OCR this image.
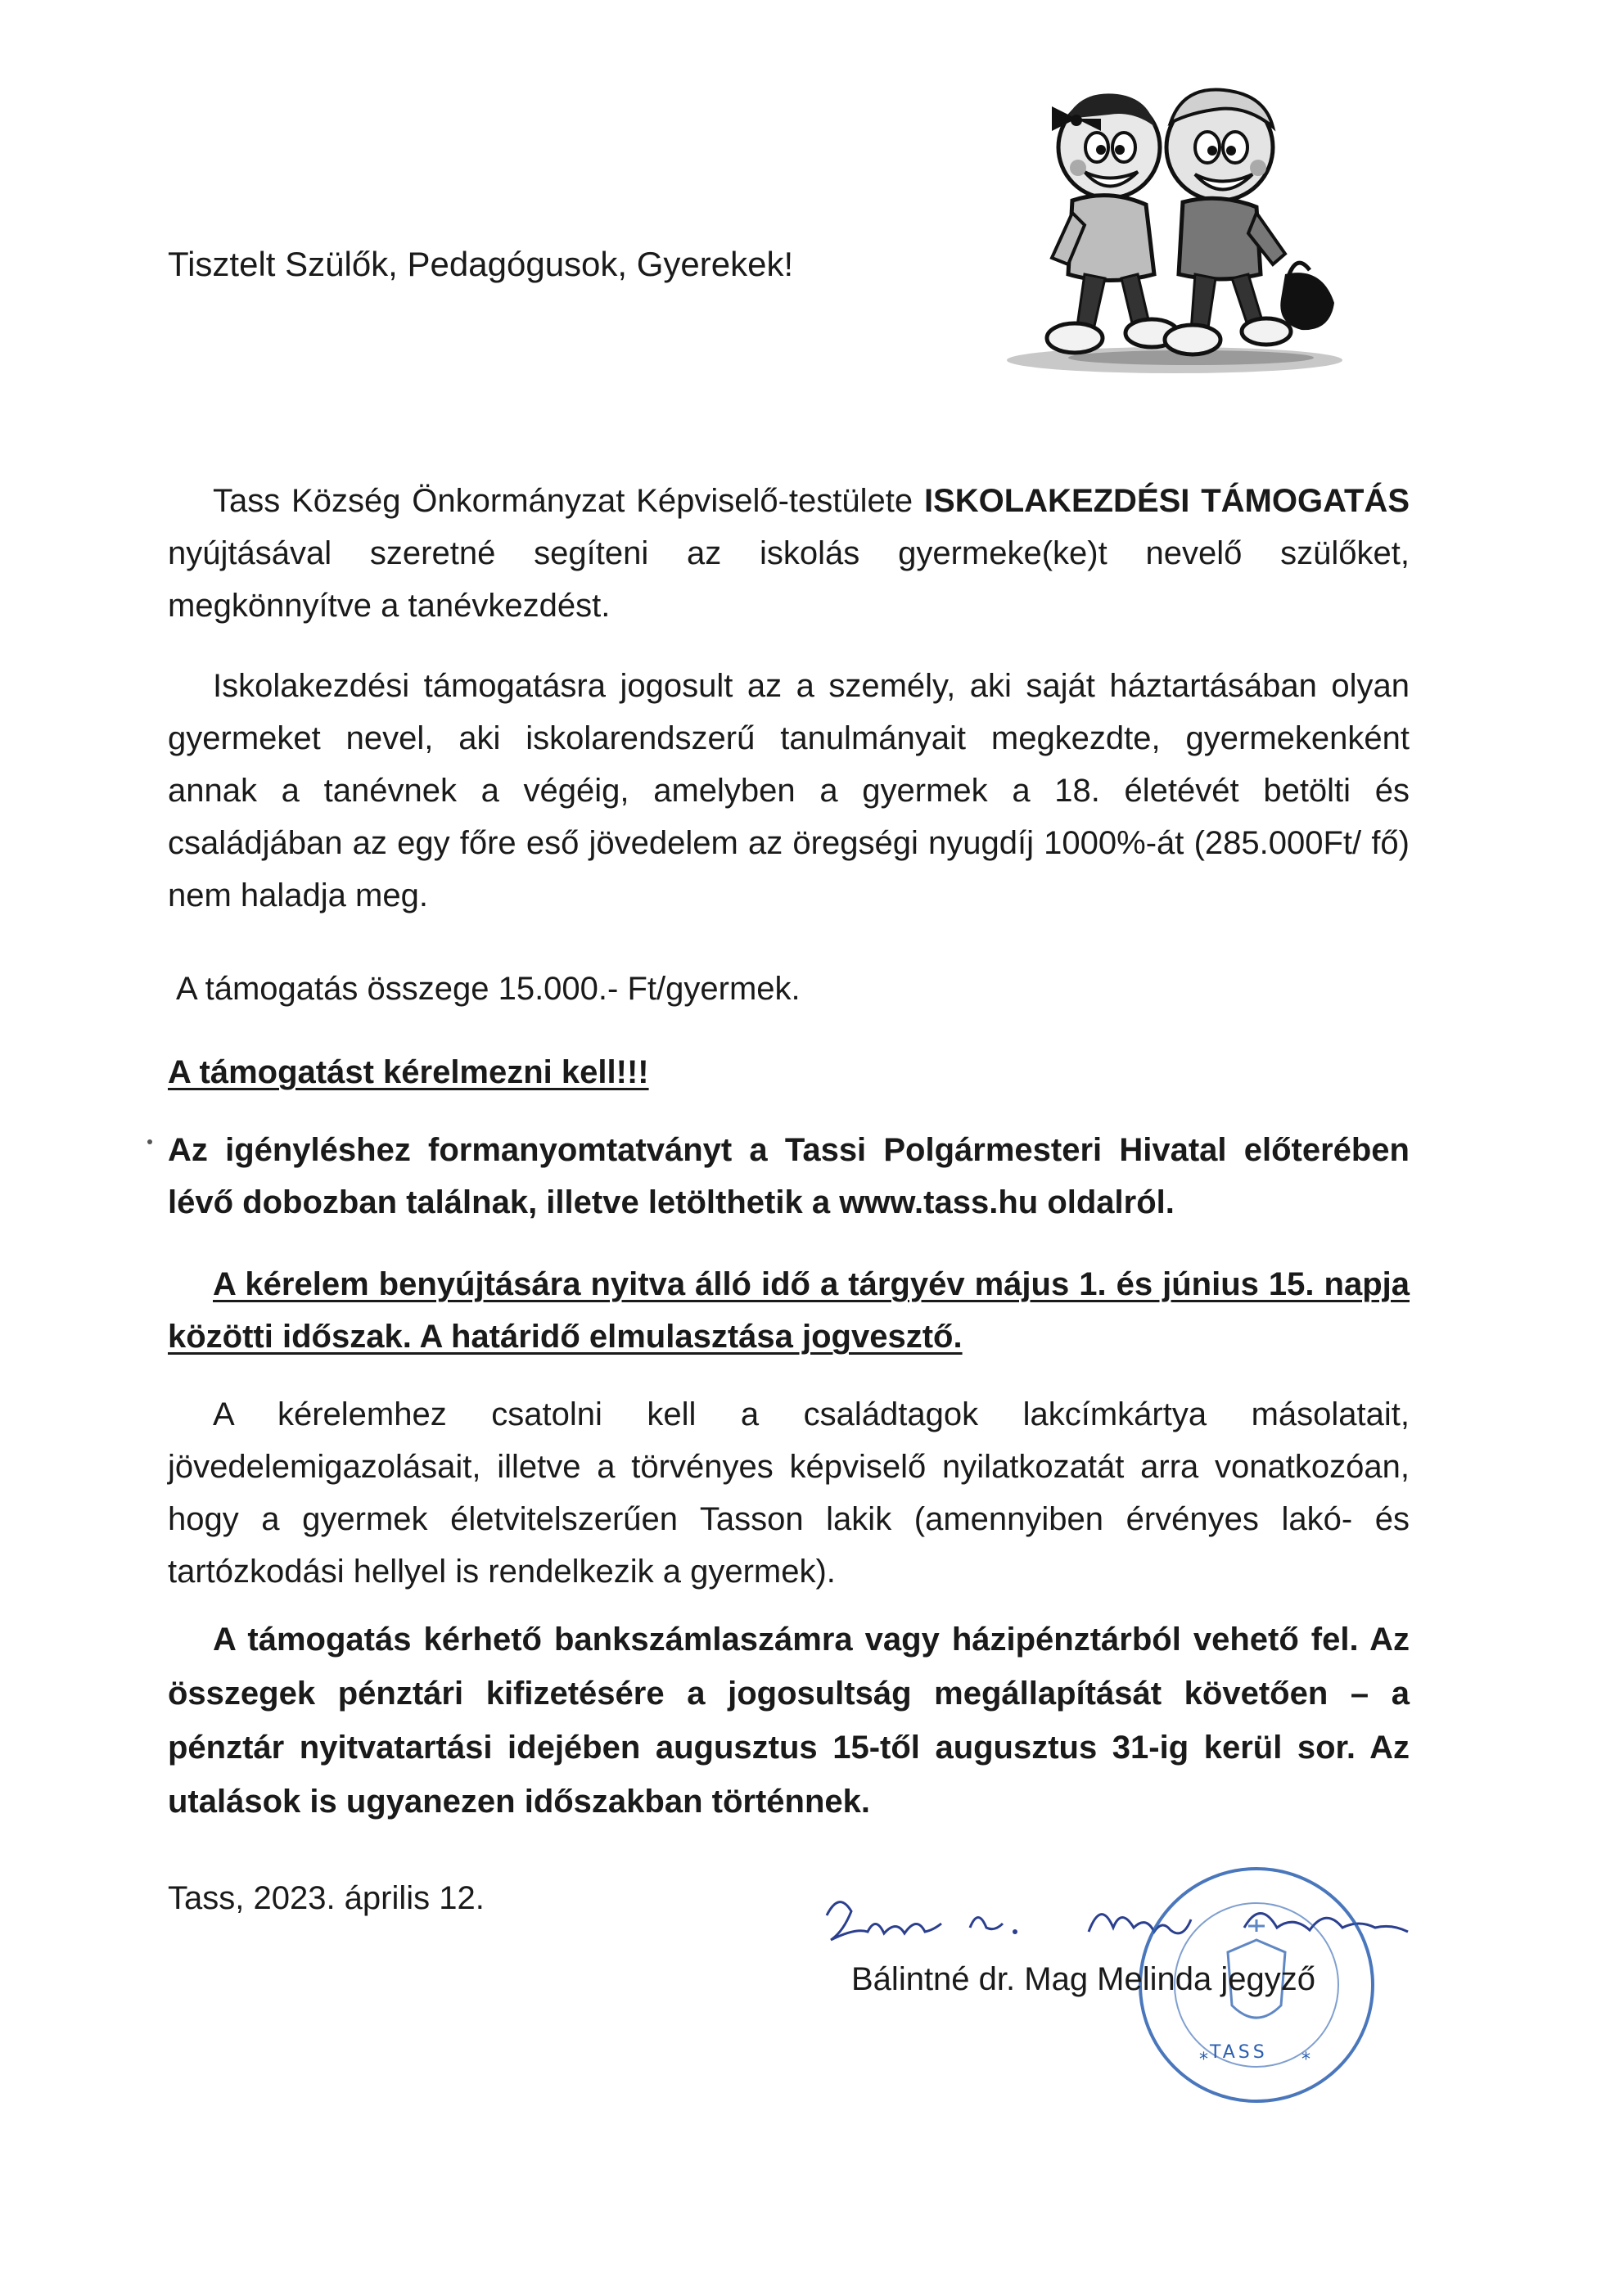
Tisztelt Szülők, Pedagógusok, Gyerekek!
Tass Község Önkormányzat Képviselő-testülete ISKOLAKEZDÉSI TÁMOGATÁS nyújtásával szeretné segíteni az iskolás gyermeke(ke)t nevelő szülőket, megkönnyítve a tanévkezdést.
Iskolakezdési támogatásra jogosult az a személy, aki saját háztartásában olyan gyermeket nevel, aki iskolarendszerű tanulmányait megkezdte, gyermekenként annak a tanévnek a végéig, amelyben a gyermek a 18. életévét betölti és családjában az egy főre eső jövedelem az öregségi nyugdíj 1000%-át (285.000Ft/ fő) nem haladja meg.
A támogatás összege 15.000.- Ft/gyermek.
A támogatást kérelmezni kell!!!
Az igényléshez formanyomtatványt a Tassi Polgármesteri Hivatal előterében lévő dobozban találnak, illetve letölthetik a www.tass.hu oldalról.
A kérelem benyújtására nyitva álló idő a tárgyév május 1. és június 15. napja közötti időszak. A határidő elmulasztása jogvesztő.
A kérelemhez csatolni kell a családtagok lakcímkártya másolatait, jövedelemigazolásait, illetve a törvényes képviselő nyilatkozatát arra vonatkozóan, hogy a gyermek életvitelszerűen Tasson lakik (amennyiben érvényes lakó- és tartózkodási hellyel is rendelkezik a gyermek).
A támogatás kérhető bankszámlaszámra vagy házipénztárból vehető fel. Az összegek pénztári kifizetésére a jogosultság megállapítását követően – a pénztár nyitvatartási idejében augusztus 15-től augusztus 31-ig kerül sor. Az utalások is ugyanezen időszakban történnek.
Tass, 2023. április 12.
*	*
TASS
Bálintné dr. Mag Melinda jegyző
